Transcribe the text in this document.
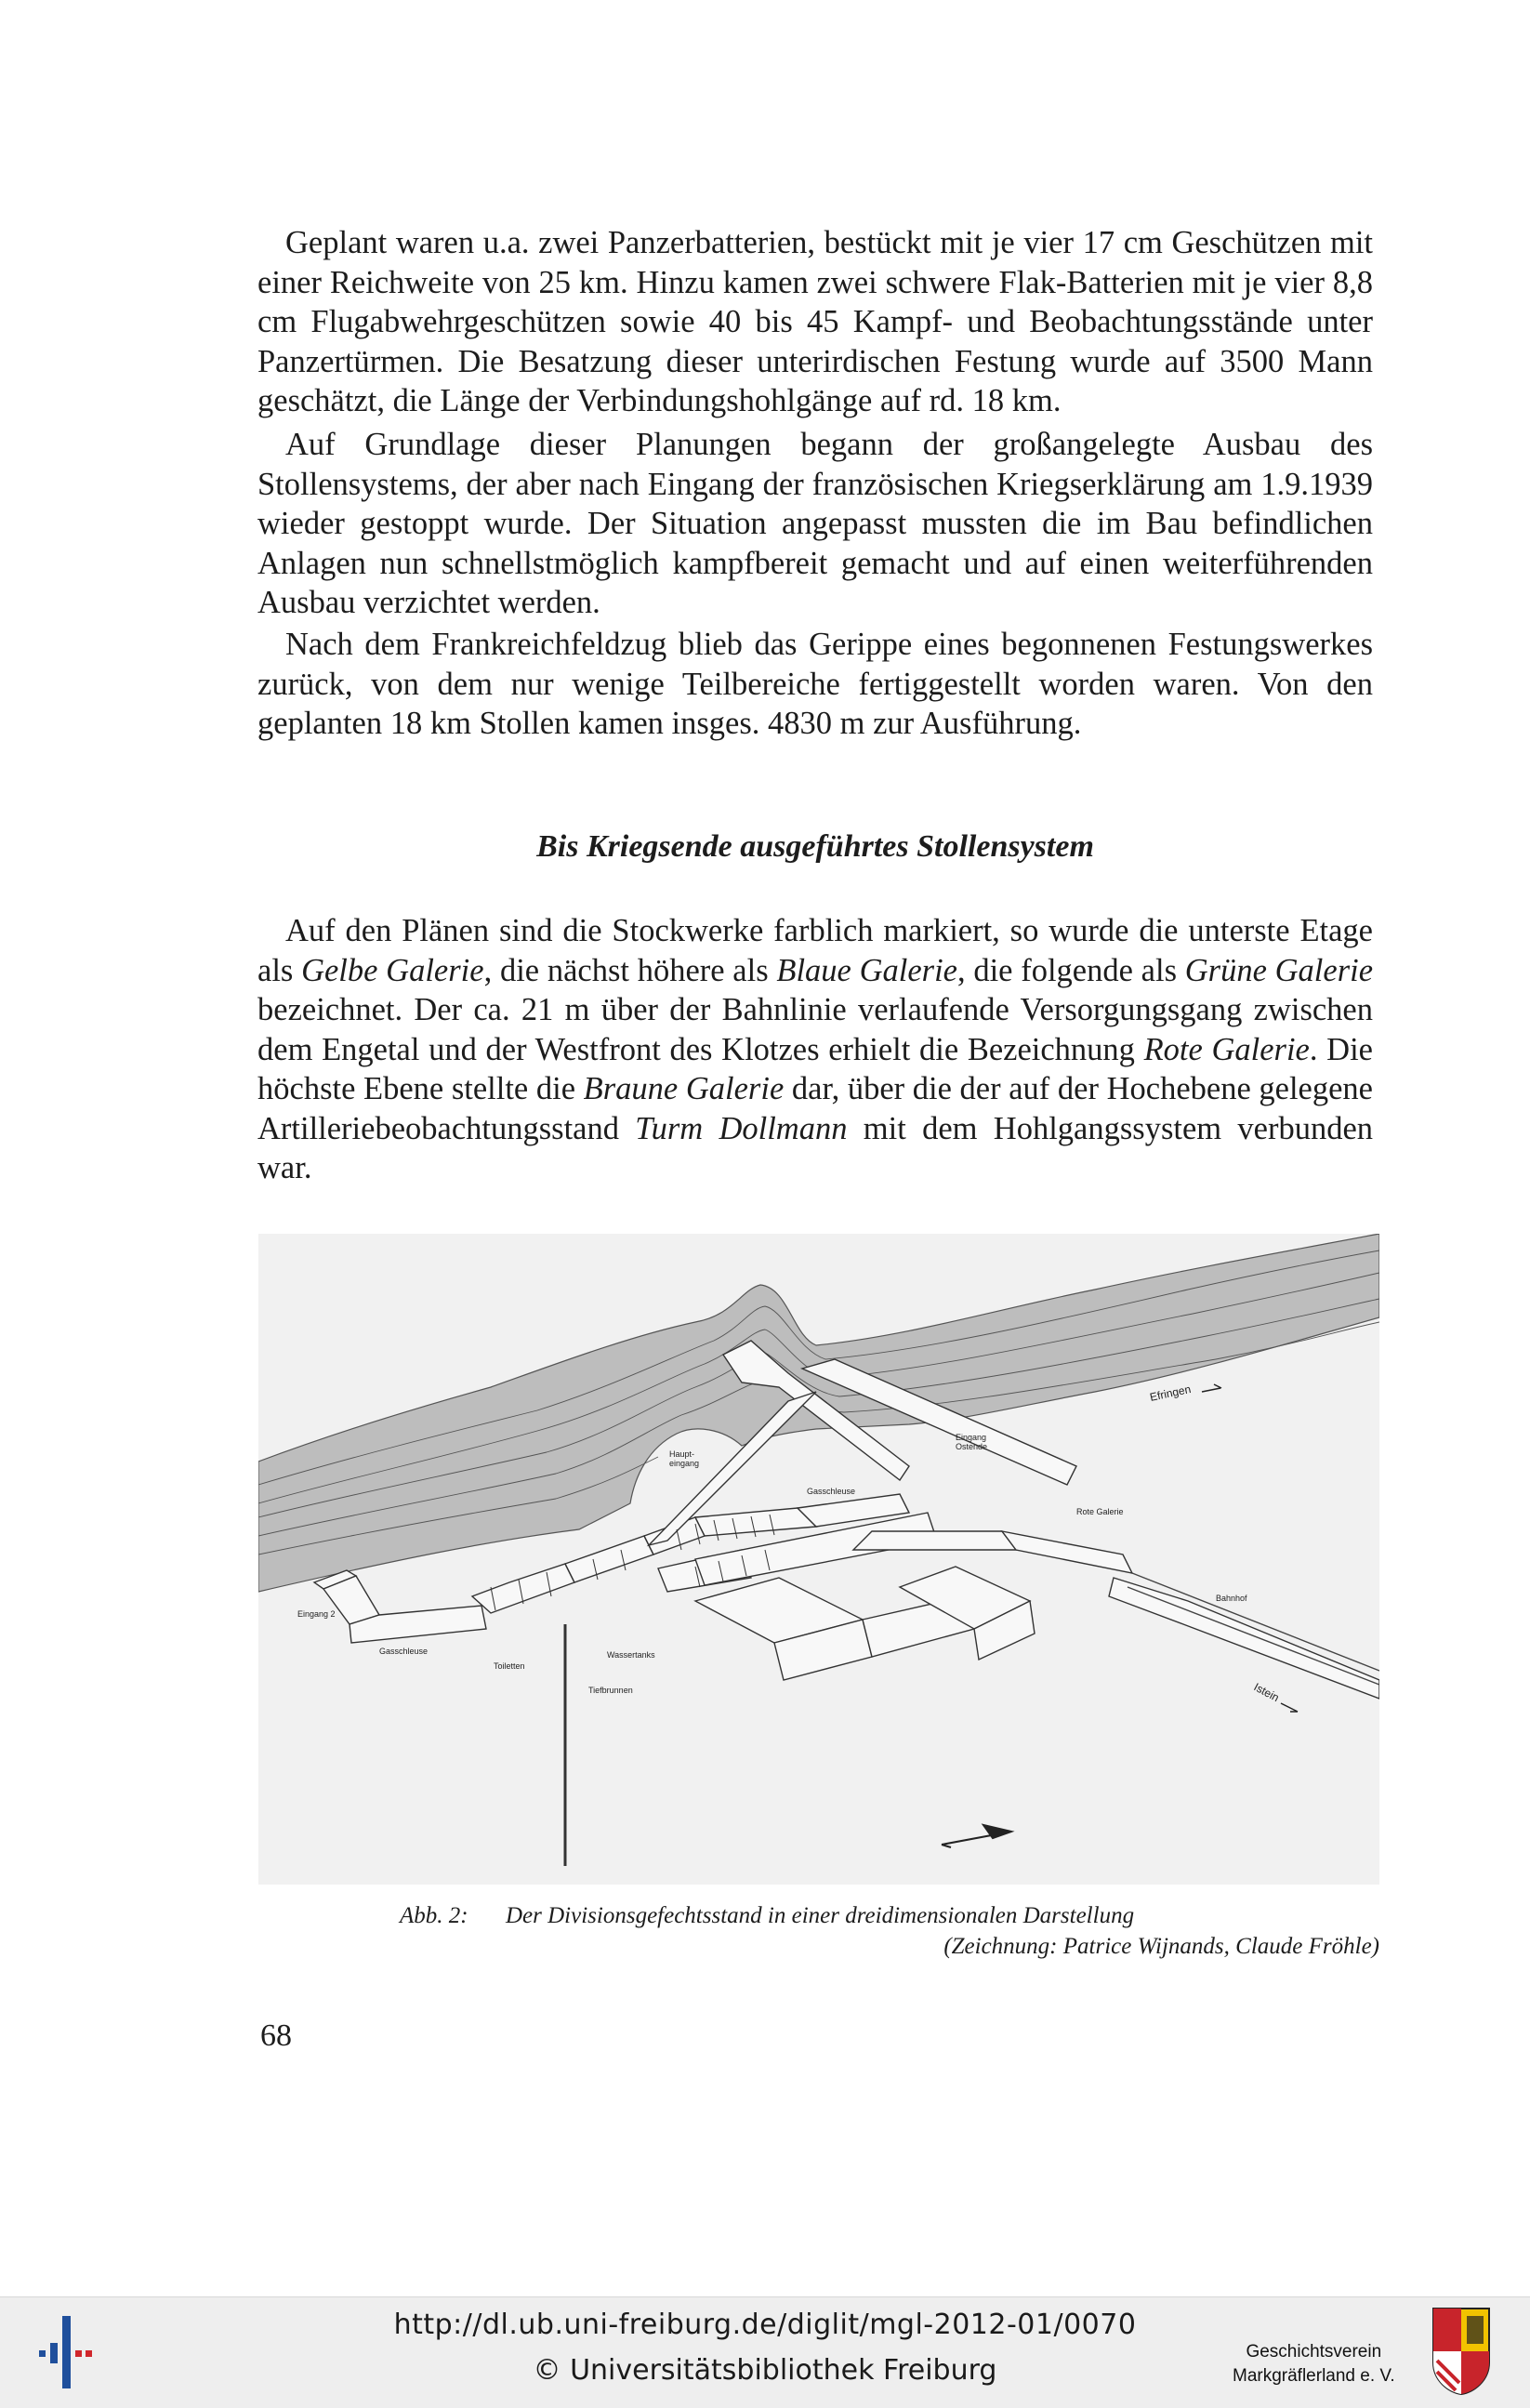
Geplant waren u.a. zwei Panzerbatterien, bestückt mit je vier 17 cm Geschützen mit einer Reichweite von 25 km. Hinzu kamen zwei schwere Flak-Batterien mit je vier 8,8 cm Flugabwehrgeschützen sowie 40 bis 45 Kampf- und Beobachtungsstände unter Panzertürmen. Die Besatzung dieser unterirdischen Festung wurde auf 3500 Mann geschätzt, die Länge der Verbindungshohlgänge auf rd. 18 km.

Auf Grundlage dieser Planungen begann der großangelegte Ausbau des Stollensystems, der aber nach Eingang der französischen Kriegserklärung am 1.9.1939 wieder gestoppt wurde. Der Situation angepasst mussten die im Bau befindlichen Anlagen nun schnellstmöglich kampfbereit gemacht und auf einen weiterführenden Ausbau verzichtet werden.

Nach dem Frankreichfeldzug blieb das Gerippe eines begonnenen Festungswerkes zurück, von dem nur wenige Teilbereiche fertiggestellt worden waren. Von den geplanten 18 km Stollen kamen insges. 4830 m zur Ausführung.

Bis Kriegsende ausgeführtes Stollensystem

Auf den Plänen sind die Stockwerke farblich markiert, so wurde die unterste Etage als Gelbe Galerie, die nächst höhere als Blaue Galerie, die folgende als Grüne Galerie bezeichnet. Der ca. 21 m über der Bahnlinie verlaufende Versorgungsgang zwischen dem Engetal und der Westfront des Klotzes erhielt die Bezeichnung Rote Galerie. Die höchste Ebene stellte die Braune Galerie dar, über die der auf der Hochebene gelegene Artilleriebeobachtungsstand Turm Dollmann mit dem Hohlgangssystem verbunden war.

Efringen
Eingang
Ostende
Haupt-
eingang
Gasschleuse
Rote Galerie
Bahnhof
Eingang 2
Gasschleuse
Toiletten
Wassertanks
Tiefbrunnen	Istein
Abb. 2: Der Divisionsgefechtsstand in einer dreidimensionalen Darstellung
(Zeichnung: Patrice Wijnands, Claude Fröhle)
68
http://dl.ub.uni-freiburg.de/diglit/mgl-2012-01/0070
© Universitätsbibliothek Freiburg
Geschichtsverein
Markgräflerland e. V.
